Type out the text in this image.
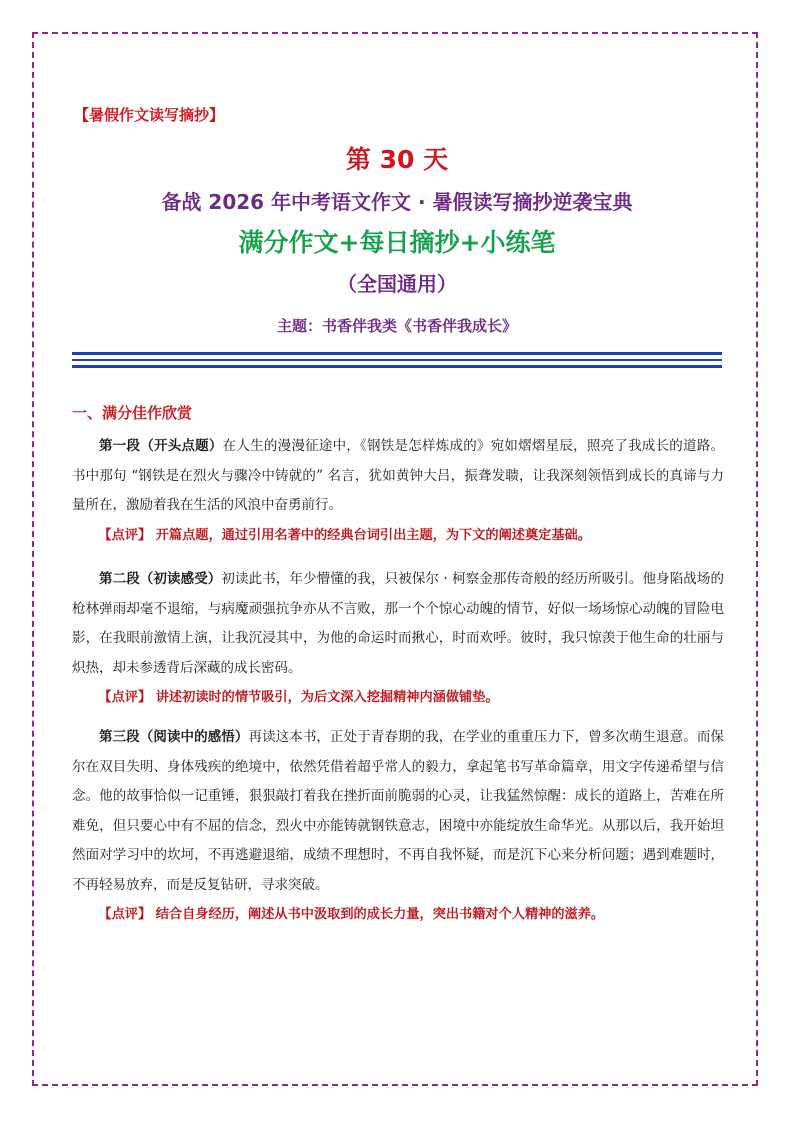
【暑假作文读写摘抄】
第 30 天
备战 2026 年中考语文作文 · 暑假读写摘抄逆袭宝典
满分作文+每日摘抄+小练笔
（全国通用）
主题：书香伴我类《书香伴我成长》
一、满分佳作欣赏

第一段（开头点题）在人生的漫漫征途中，《钢铁是怎样炼成的》宛如熠熠星辰，照亮了我成长的道路。书中那句 “钢铁是在烈火与骤冷中铸就的” 名言，犹如黄钟大吕，振聋发聩，让我深刻领悟到成长的真谛与力量所在，激励着我在生活的风浪中奋勇前行。

【点评】 开篇点题，通过引用名著中的经典台词引出主题，为下文的阐述奠定基础。

第二段（初读感受）初读此书，年少懵懂的我，只被保尔 · 柯察金那传奇般的经历所吸引。他身陷战场的枪林弹雨却毫不退缩，与病魔顽强抗争亦从不言败，那一个个惊心动魄的情节，好似一场场惊心动魄的冒险电影，在我眼前激情上演，让我沉浸其中，为他的命运时而揪心，时而欢呼。彼时，我只惊羡于他生命的壮丽与炽热，却未参透背后深藏的成长密码。

【点评】 讲述初读时的情节吸引，为后文深入挖掘精神内涵做铺垫。

第三段（阅读中的感悟）再读这本书，正处于青春期的我，在学业的重重压力下，曾多次萌生退意。而保尔在双目失明、身体残疾的绝境中，依然凭借着超乎常人的毅力，拿起笔书写革命篇章，用文字传递希望与信念。他的故事恰似一记重锤，狠狠敲打着我在挫折面前脆弱的心灵，让我猛然惊醒：成长的道路上，苦难在所难免，但只要心中有不屈的信念，烈火中亦能铸就钢铁意志，困境中亦能绽放生命华光。从那以后，我开始坦然面对学习中的坎坷，不再逃避退缩，成绩不理想时，不再自我怀疑，而是沉下心来分析问题；遇到难题时，不再轻易放弃，而是反复钻研，寻求突破。

【点评】 结合自身经历，阐述从书中汲取到的成长力量，突出书籍对个人精神的滋养。
